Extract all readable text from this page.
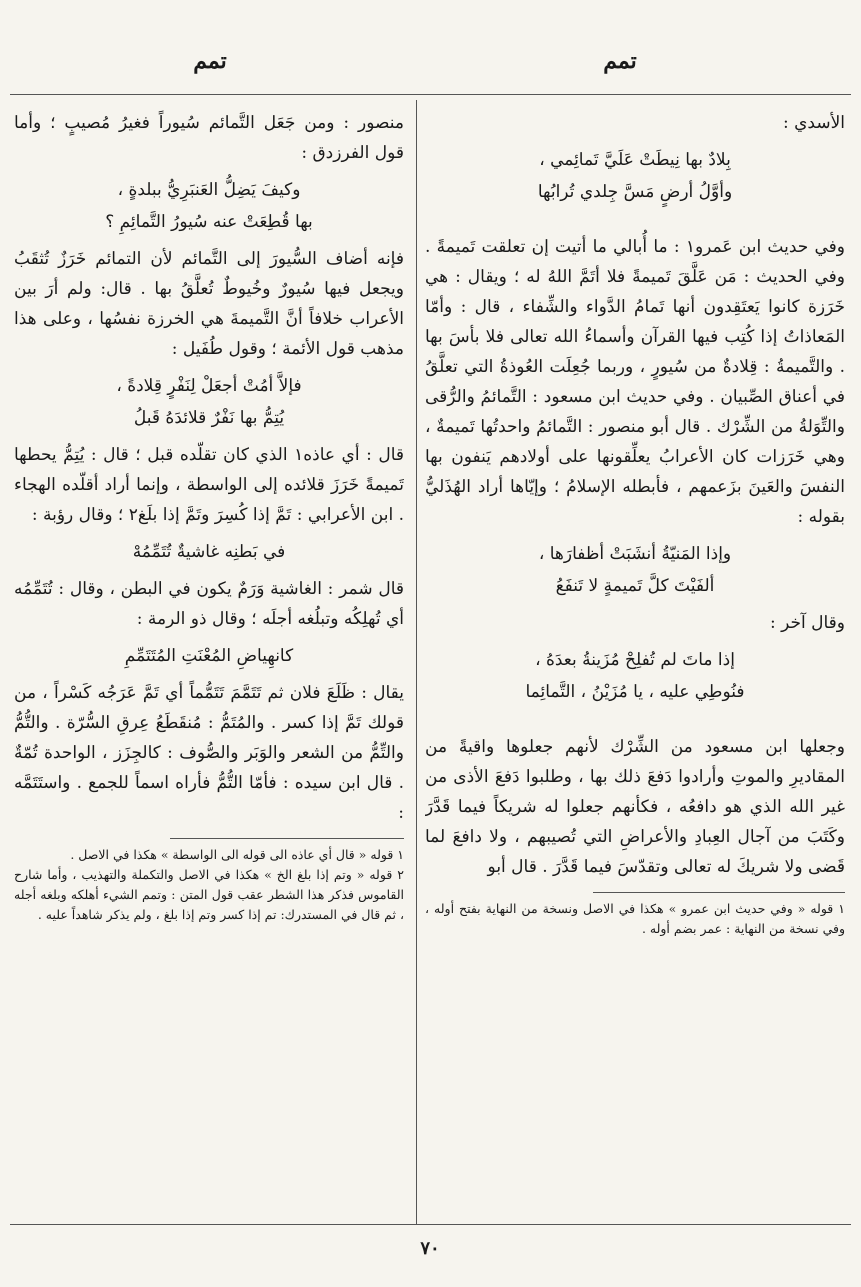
تمم
تمم

الأسدي :

بِلادٌ بها نِيطَتْ عَلَيَّ تَمائِمي ،
وأوَّلُ أرضٍ مَسَّ جِلدي تُرابُها

وفي حديث ابن عَمرو١ : ما أُبالي ما أتيت إن تعلقت تَميمةً . وفي الحديث : مَن عَلَّقَ تَميمةً فلا أتَمَّ اللهُ له ؛ ويقال : هي خَرَزة كانوا يَعتَقِدون أنها تَمامُ الدَّواء والشِّفاء ، قال : وأمّا المَعاذاتُ إذا كُتِب فيها القرآن وأسماءُ الله تعالى فلا بأسَ بها . والتَّميمةُ : قِلادةٌ من سُيورٍ ، وربما جُعِلَت العُوذةُ التي تعلَّقُ في أعناق الصِّبيان . وفي حديث ابن مسعود : التَّمائمُ والرُّقى والتِّوَلةُ من الشِّرْك . قال أبو منصور : التَّمائمُ واحدتُها تَميمةٌ ، وهي خَرَزات كان الأعرابُ يعلِّقونها على أولادهم يَنفون بها النفسَ والعَينَ بزَعمهم ، فأبطله الإسلامُ ؛ وإيّاها أراد الهُذَليُّ بقوله :

وإذا المَنيّةُ أنشَبَتْ أظفارَها ،
ألفَيْتَ كلَّ تَميمةٍ لا تَنفَعُ

وقال آخر :

إذا ماتَ لم تُفلِحْ مُزَينةُ بعدَهُ ،
فنُوطِي عليه ، يا مُزَيْنُ ، التَّمائِما

وجعلها ابن مسعود من الشِّرْك لأنهم جعلوها واقيةً من المقاديرِ والموتِ وأرادوا دَفعَ ذلك بها ، وطلبوا دَفعَ الأذى من غير الله الذي هو دافعُه ، فكأنهم جعلوا له شريكاً فيما قَدَّرَ وكَتَبَ من آجال العِبادِ والأعراضِ التي تُصيبهم ، ولا دافعَ لما قَضى ولا شريكَ له تعالى وتقدّسَ فيما قَدَّرَ . قال أبو

١ قوله « وفي حديث ابن عمرو » هكذا في الاصل ونسخة من النهاية بفتح أوله ، وفي نسخة من النهاية : عمر بضم أوله .

منصور : ومن جَعَل التَّمائم سُيوراً فغيرُ مُصيبٍ ؛ وأما قول الفرزدق :

وكيفَ يَضِلُّ العَنبَرِيُّ ببلدةٍ ،
بها قُطِعَتْ عنه سُيورُ التَّمائِمِ ؟

فإنه أضاف السُّيورَ إلى التَّمائم لأن التمائم خَرَزٌ تُثقَبُ ويجعل فيها سُيورٌ وخُيوطٌ تُعلَّقُ بها . قال: ولم أرَ بين الأعراب خلافاً أنَّ التَّميمةَ هي الخرزة نفسُها ، وعلى هذا مذهب قول الأئمة ؛ وقول طُفَيل :

فإلاَّ أمُتْ أجعَلْ لِنَفْرٍ قِلادةً ،
يُتِمُّ بها نَفْرٌ قلائدَهُ قَبلُ

قال : أي عاذه١ الذي كان تقلّده قبل ؛ قال : يُتِمُّ يحطها تَميمةً خَرَزَ قلائده إلى الواسطة ، وإنما أراد أقلّده الهجاء . ابن الأعرابي : تَمَّ إذا كُسِرَ وتَمَّ إذا بلَغ٢ ؛ وقال رؤبة :

في بَطنِه غاشيةٌ تُتَمِّمُهْ

قال شمر : الغاشية وَرَمٌ يكون في البطن ، وقال : تُتَمِّمُه أي تُهلِكُه وتبلُغه أجلَه ؛ وقال ذو الرمة :

كانهِياضِ المُعْنَتِ المُتَتَمِّمِ

يقال : ظَلَعَ فلان ثم تَتَمَّمَ تَتَمُّماً أي تَمَّ عَرَجُه كَسْراً ، من قولك تَمَّ إذا كسر . والمُتَمُّ : مُنقَطَعُ عِرقِ السُّرّة . والتُّمُّ والتِّمُّ من الشعر والوَبَر والصُّوف : كالجِزَز ، الواحدة تُمّةٌ . قال ابن سيده : فأمّا التُّمُّ فأراه اسماً للجمع . واستَتَمَّه :

١ قوله « قال أي عاذه الى قوله الى الواسطة » هكذا في الاصل .

٢ قوله « وتم إذا بلغ الخ » هكذا في الاصل والتكملة والتهذيب ، وأما شارح القاموس فذكر هذا الشطر عقب قول المتن : وتمم الشيء أهلكه وبلغه أجله ، ثم قال في المستدرك: تم إذا كسر وتم إذا بلغ ، ولم يذكر شاهداً عليه .

٧٠
